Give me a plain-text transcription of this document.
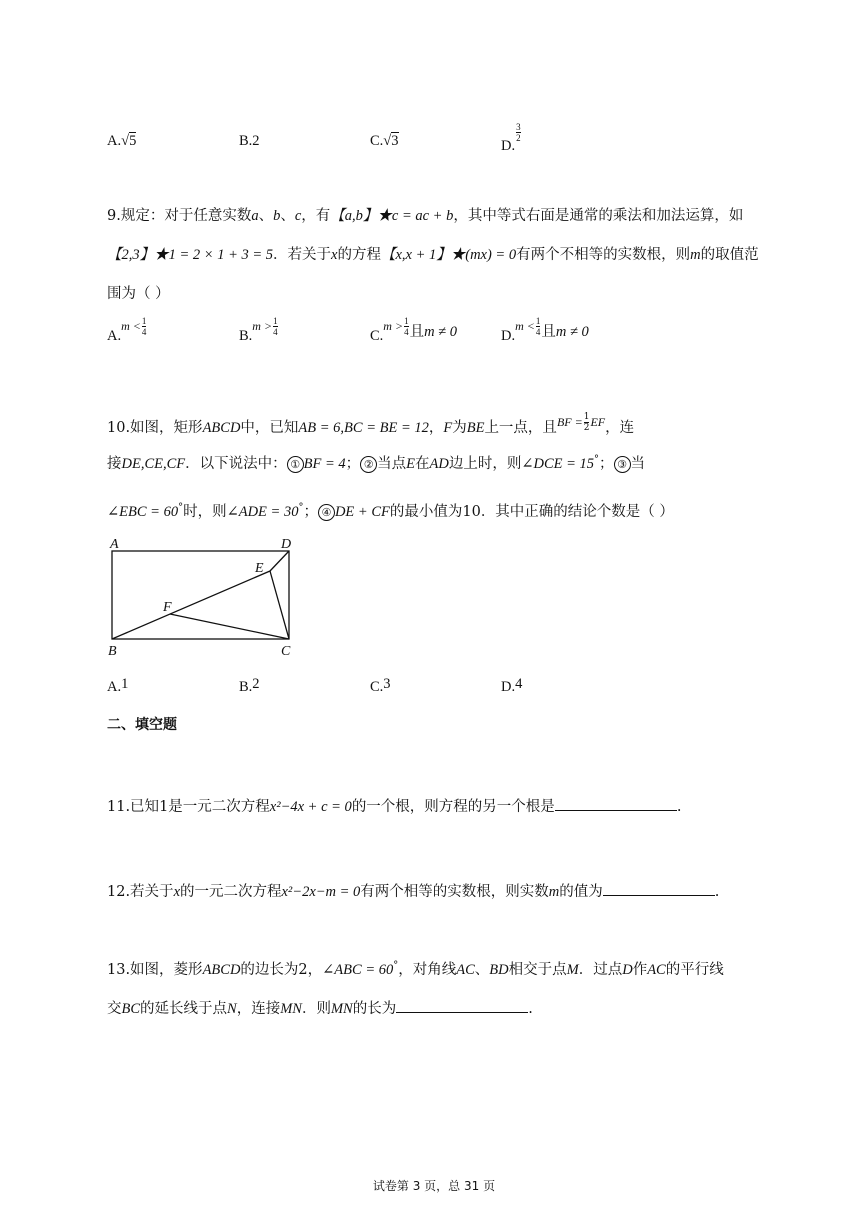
A.√5	B.2	C.√3	D.
$\frac{3}{2}$
9.规定：对于任意实数a、b、c，有【a,b】★c = ac + b，其中等式右面是通常的乘法和加法运算，如
【2,3】★1 = 2 × 1 + 3 = 5．若关于x的方程【x,x + 1】★(mx) = 0有两个不相等的实数根，则m的取值范
围为（ ）
$A.m < \frac{1}{4}$	$B.m > \frac{1}{4}$	$C.m > \frac{1}{4}$ 且m ≠ 0	$D.m < \frac{1}{4}$ 且m ≠ 0
10.如图，矩形ABCD中，已知AB = 6,BC = BE = 12，F为BE上一点，且$^{BF =} \frac{1}{2} ^{EF}$，连
接DE,CE,CF．以下说法中： ① BF = 4； ② 当点E在AD边上时，则∠DCE = 15°； ③ 当
∠EBC = 60°时，则∠ADE = 30°； ④ DE + CF的最小值为10．其中正确的结论个数是（ ）
A	D
E
F
B	C
A.1	B.2	C.3	D.4
二、填空题
11.已知1是一元二次方程x²−4x + c = 0的一个根，则方程的另一个根是	.
12.若关于x的一元二次方程x²−2x−m = 0有两个相等的实数根，则实数m的值为	.
13.如图，菱形ABCD的边长为2，∠ABC = 60°，对角线AC、BD相交于点M．过点D作AC的平行线
交BC的延长线于点N，连接MN．则MN的长为	.
试卷第 3 页，总 31 页
